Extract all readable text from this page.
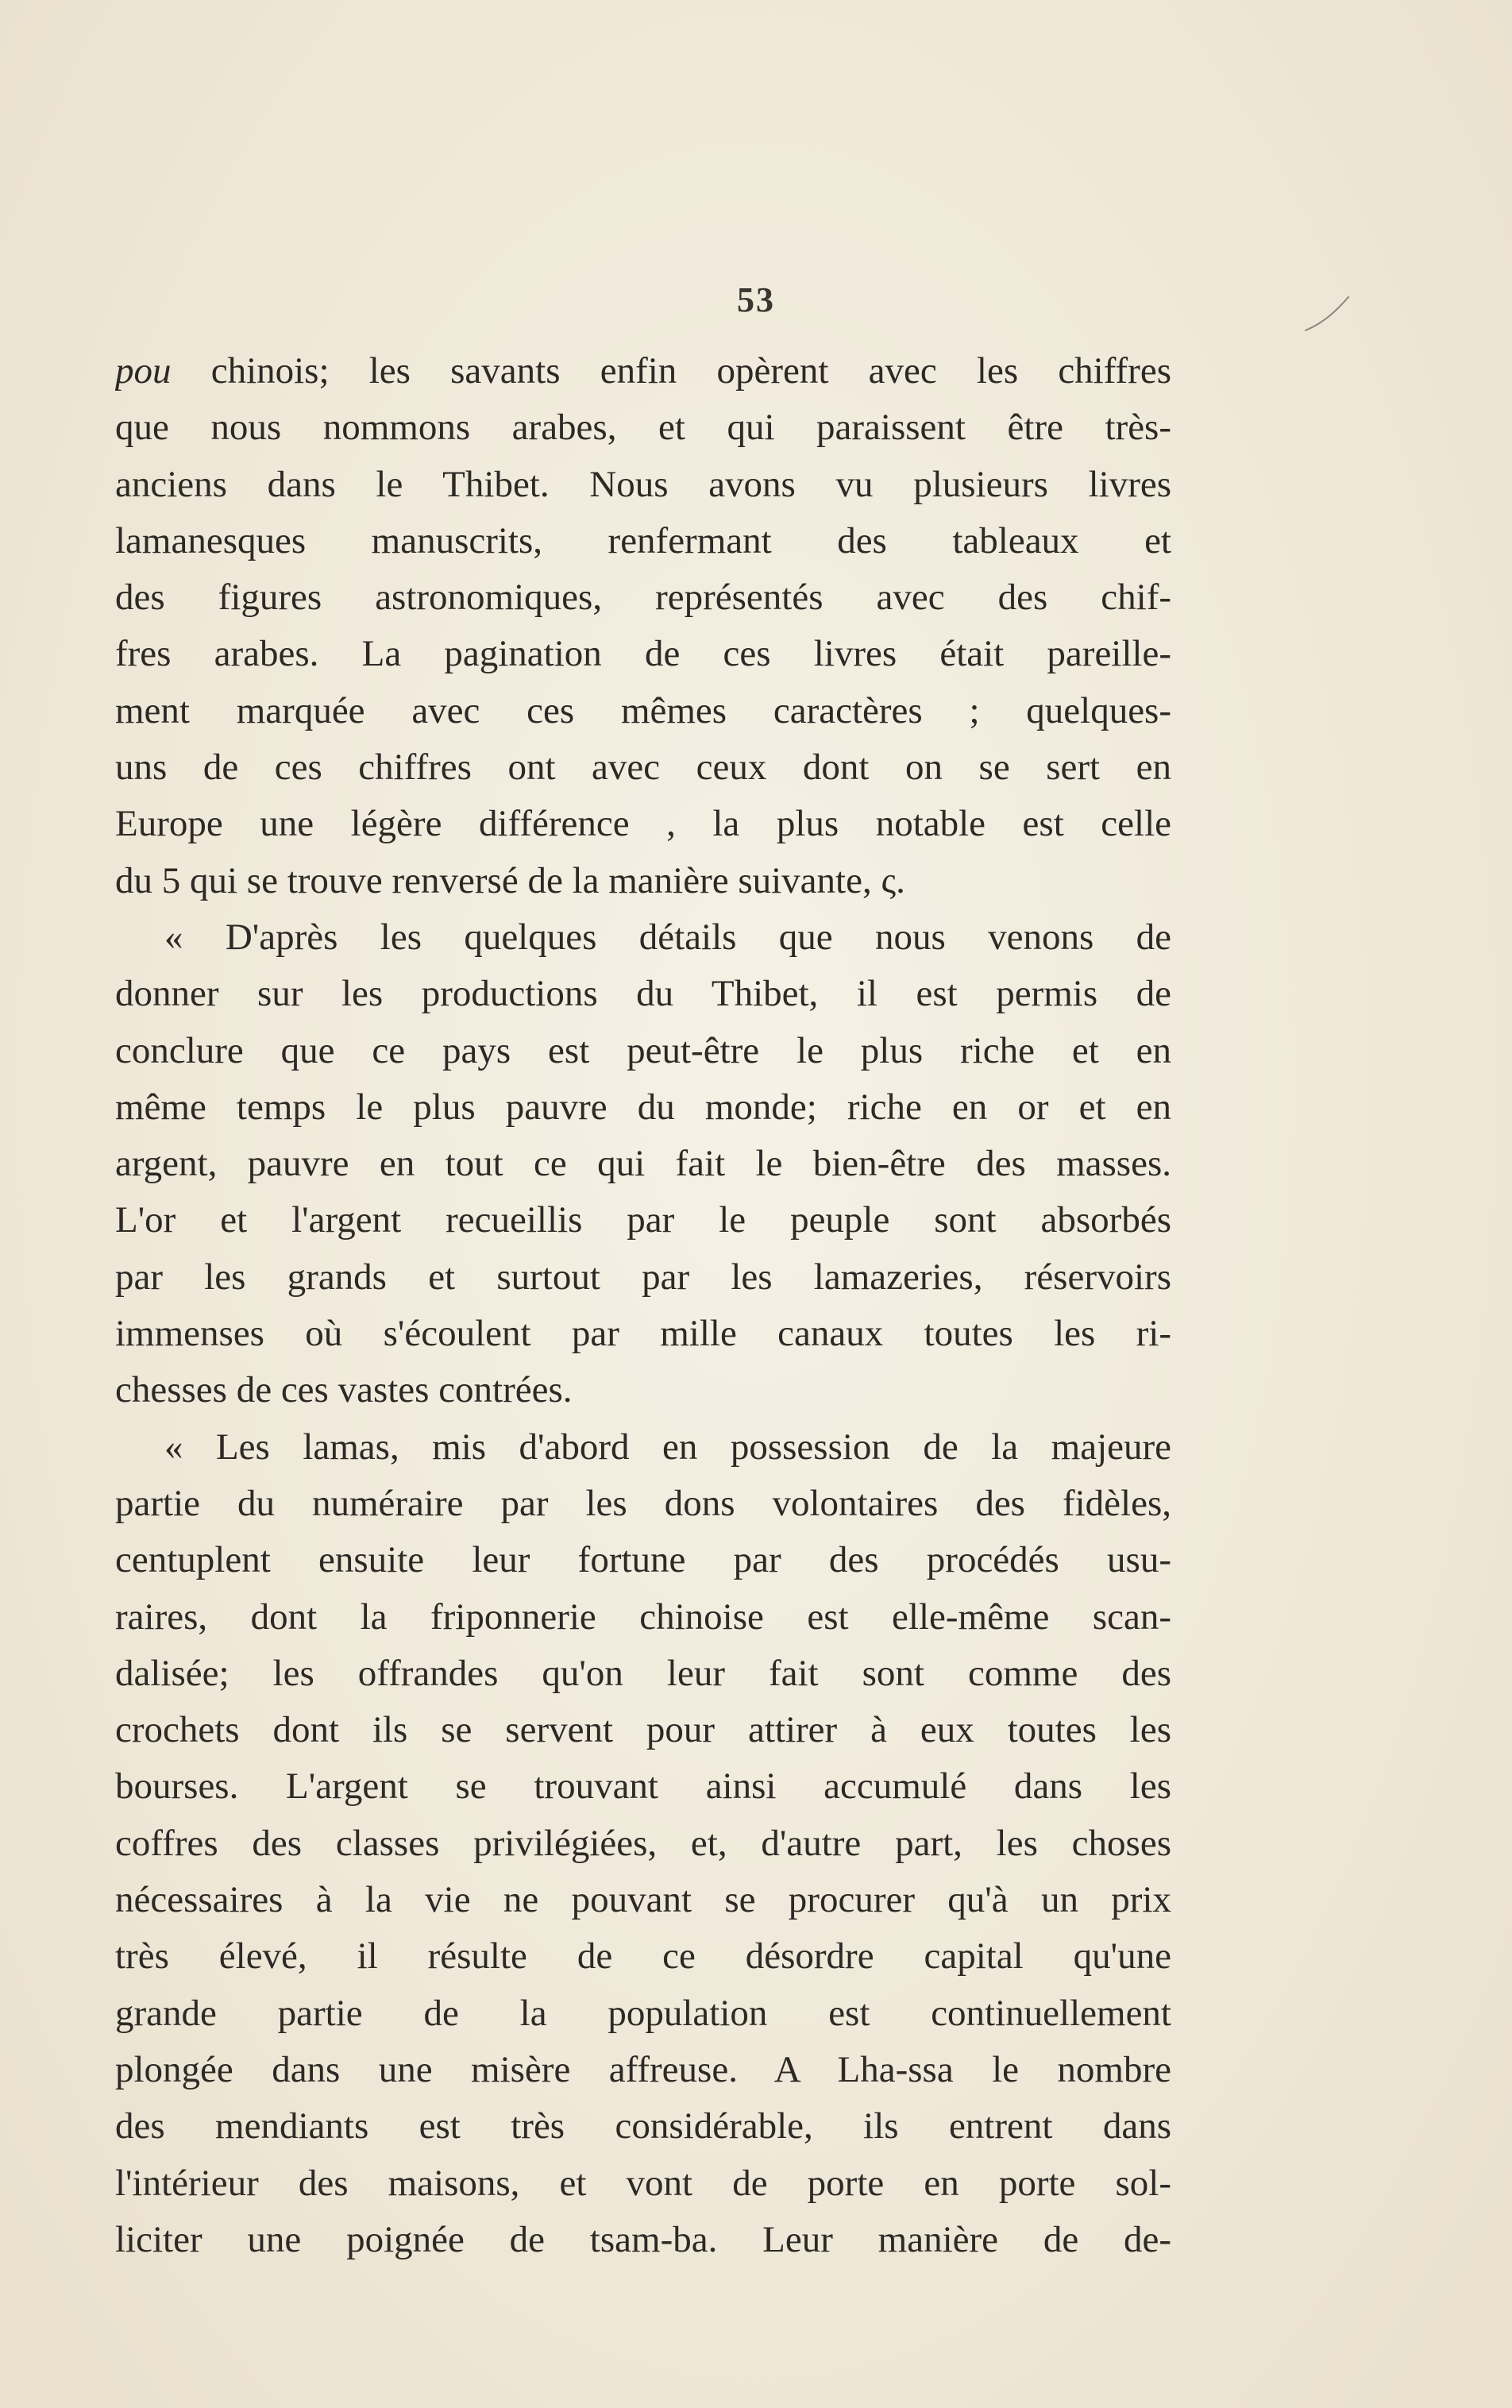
53
pou chinois; les savants enfin opèrent avec les chiffres
que nous nommons arabes, et qui paraissent être très-
anciens dans le Thibet. Nous avons vu plusieurs livres
lamanesques manuscrits, renfermant des tableaux et
des figures astronomiques, représentés avec des chif-
fres arabes. La pagination de ces livres était pareille-
ment marquée avec ces mêmes caractères ; quelques-
uns de ces chiffres ont avec ceux dont on se sert en
Europe une légère différence , la plus notable est celle
du 5 qui se trouve renversé de la manière suivante, ς.
« D'après les quelques détails que nous venons de
donner sur les productions du Thibet, il est permis de
conclure que ce pays est peut-être le plus riche et en
même temps le plus pauvre du monde; riche en or et en
argent, pauvre en tout ce qui fait le bien-être des masses.
L'or et l'argent recueillis par le peuple sont absorbés
par les grands et surtout par les lamazeries, réservoirs
immenses où s'écoulent par mille canaux toutes les ri-
chesses de ces vastes contrées.
« Les lamas, mis d'abord en possession de la majeure
partie du numéraire par les dons volontaires des fidèles,
centuplent ensuite leur fortune par des procédés usu-
raires, dont la friponnerie chinoise est elle-même scan-
dalisée; les offrandes qu'on leur fait sont comme des
crochets dont ils se servent pour attirer à eux toutes les
bourses. L'argent se trouvant ainsi accumulé dans les
coffres des classes privilégiées, et, d'autre part, les choses
nécessaires à la vie ne pouvant se procurer qu'à un prix
très élevé, il résulte de ce désordre capital qu'une
grande partie de la population est continuellement
plongée dans une misère affreuse. A Lha-ssa le nombre
des mendiants est très considérable, ils entrent dans
l'intérieur des maisons, et vont de porte en porte sol-
liciter une poignée de tsam-ba. Leur manière de de-
